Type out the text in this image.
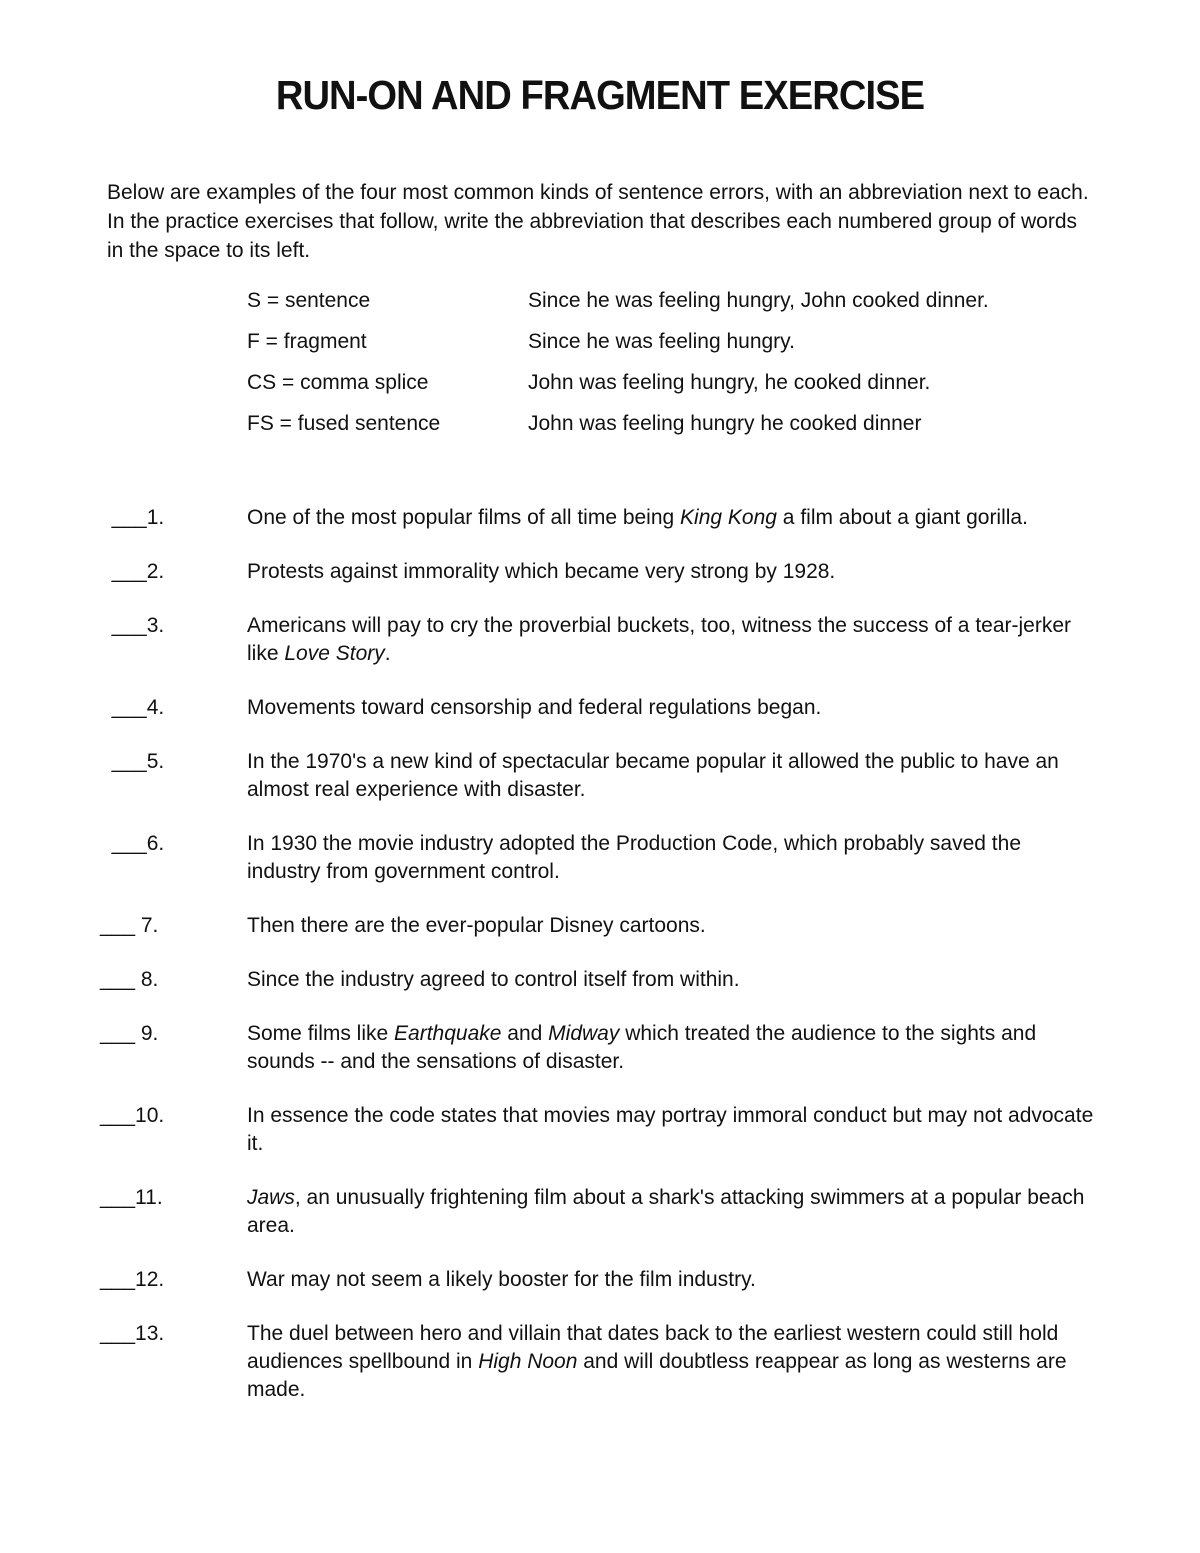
RUN-ON AND FRAGMENT EXERCISE

Below are examples of the four most common kinds of sentence errors, with an abbreviation next to each. In the practice exercises that follow, write the abbreviation that describes each numbered group of words in the space to its left.

S = sentence	Since he was feeling hungry, John cooked dinner.
F = fragment	Since he was feeling hungry.
CS = comma splice	John was feeling hungry, he cooked dinner.
FS = fused sentence	John was feeling hungry he cooked dinner
___1.	One of the most popular films of all time being King Kong a film about a giant gorilla.
___2.	Protests against immorality which became very strong by 1928.
___3.	Americans will pay to cry the proverbial buckets, too, witness the success of a tear-jerker like Love Story.
___4.	Movements toward censorship and federal regulations began.
___5.	In the 1970's a new kind of spectacular became popular it allowed the public to have an almost real experience with disaster.
___6.	In 1930 the movie industry adopted the Production Code, which probably saved the industry from government control.
___ 7.	Then there are the ever-popular Disney cartoons.
___ 8.	Since the industry agreed to control itself from within.
___ 9.	Some films like Earthquake and Midway which treated the audience to the sights and sounds -- and the sensations of disaster.
___10.	In essence the code states that movies may portray immoral conduct but may not advocate it.
___11.	Jaws, an unusually frightening film about a shark's attacking swimmers at a popular beach area.
___12.	War may not seem a likely booster for the film industry.
___13.	The duel between hero and villain that dates back to the earliest western could still hold audiences spellbound in High Noon and will doubtless reappear as long as westerns are made.
